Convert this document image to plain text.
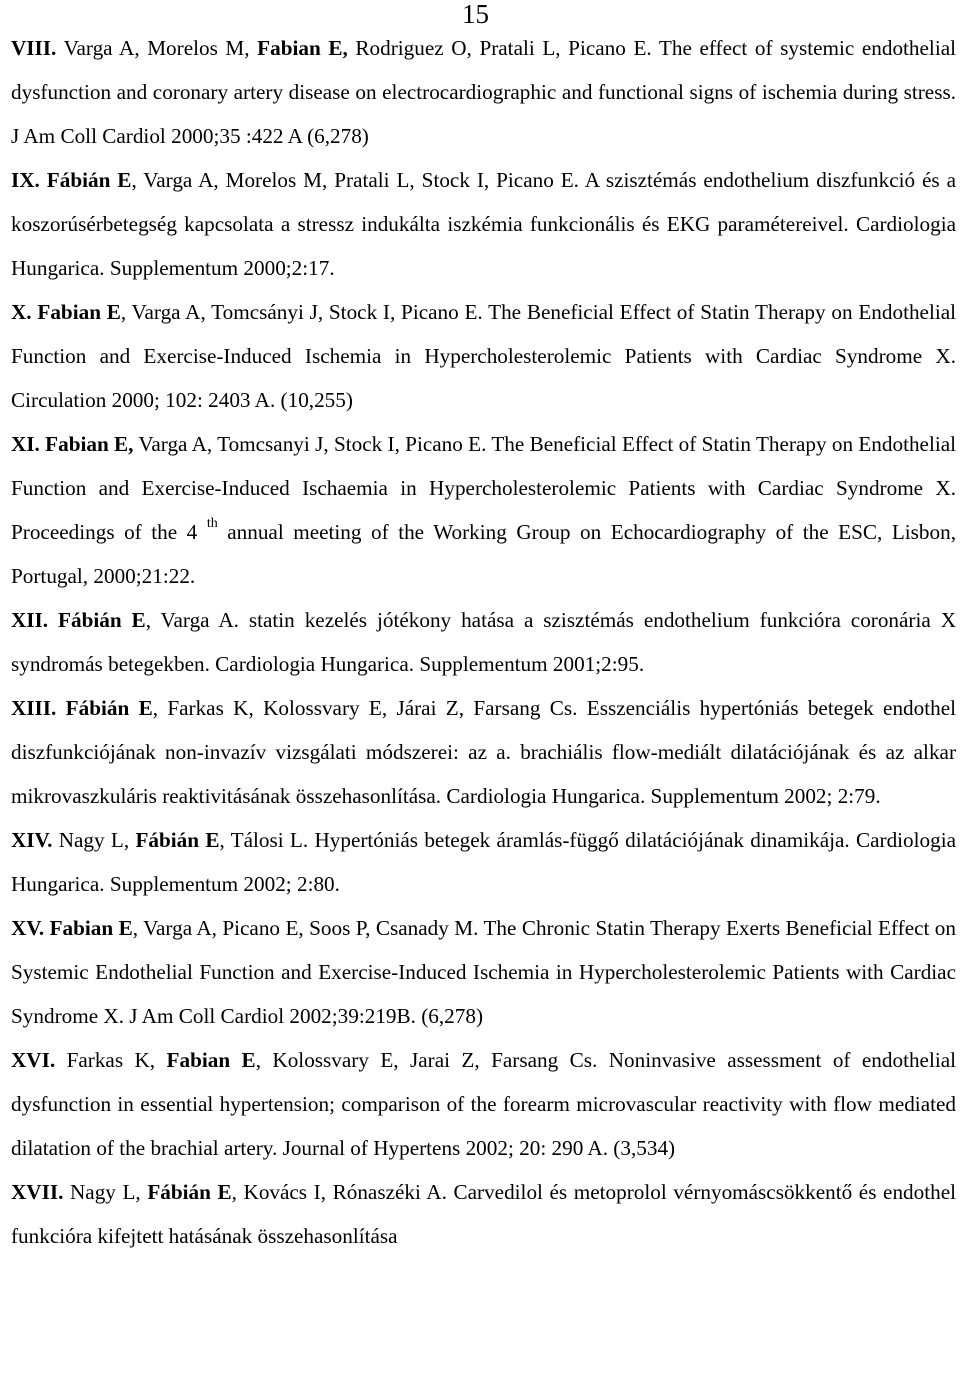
15

VIII. Varga A, Morelos M, Fabian E, Rodriguez O, Pratali L, Picano E. The effect of systemic endothelial dysfunction and coronary artery disease on electrocardiographic and functional signs of ischemia during stress. J Am Coll Cardiol 2000;35 :422 A (6,278)

IX. Fábián E, Varga A, Morelos M, Pratali L, Stock I, Picano E. A szisztémás endothelium diszfunkció és a koszorúsérbetegség kapcsolata a stressz indukálta iszkémia funkcionális és EKG paramétereivel. Cardiologia Hungarica. Supplementum 2000;2:17.

X. Fabian E, Varga A, Tomcsányi J, Stock I, Picano E. The Beneficial Effect of Statin Therapy on Endothelial Function and Exercise-Induced Ischemia in Hypercholesterolemic Patients with Cardiac Syndrome X. Circulation 2000; 102: 2403 A. (10,255)

XI. Fabian E, Varga A, Tomcsanyi J, Stock I, Picano E. The Beneficial Effect of Statin Therapy on Endothelial Function and Exercise-Induced Ischaemia in Hypercholesterolemic Patients with Cardiac Syndrome X. Proceedings of the 4 $^{th}$ annual meeting of the Working Group on Echocardiography of the ESC, Lisbon, Portugal, 2000;21:22.

XII. Fábián E, Varga A. statin kezelés jótékony hatása a szisztémás endothelium funkcióra coronária X syndromás betegekben. Cardiologia Hungarica. Supplementum 2001;2:95.

XIII. Fábián E, Farkas K, Kolossvary E, Járai Z, Farsang Cs. Esszenciális hypertóniás betegek endothel diszfunkciójának non-invazív vizsgálati módszerei: az a. brachiális flow-mediált dilatációjának és az alkar mikrovaszkuláris reaktivitásának összehasonlítása. Cardiologia Hungarica. Supplementum 2002; 2:79.

XIV. Nagy L, Fábián E, Tálosi L. Hypertóniás betegek áramlás-függő dilatációjának dinamikája. Cardiologia Hungarica. Supplementum 2002; 2:80.

XV. Fabian E, Varga A, Picano E, Soos P, Csanady M. The Chronic Statin Therapy Exerts Beneficial Effect on Systemic Endothelial Function and Exercise-Induced Ischemia in Hypercholesterolemic Patients with Cardiac Syndrome X. J Am Coll Cardiol 2002;39:219B. (6,278)

XVI. Farkas K, Fabian E, Kolossvary E, Jarai Z, Farsang Cs. Noninvasive assessment of endothelial dysfunction in essential hypertension; comparison of the forearm microvascular reactivity with flow mediated dilatation of the brachial artery. Journal of Hypertens 2002; 20: 290 A. (3,534)

XVII. Nagy L, Fábián E, Kovács I, Rónaszéki A. Carvedilol és metoprolol vérnyomáscsökkentő és endothel funkcióra kifejtett hatásának összehasonlítása
